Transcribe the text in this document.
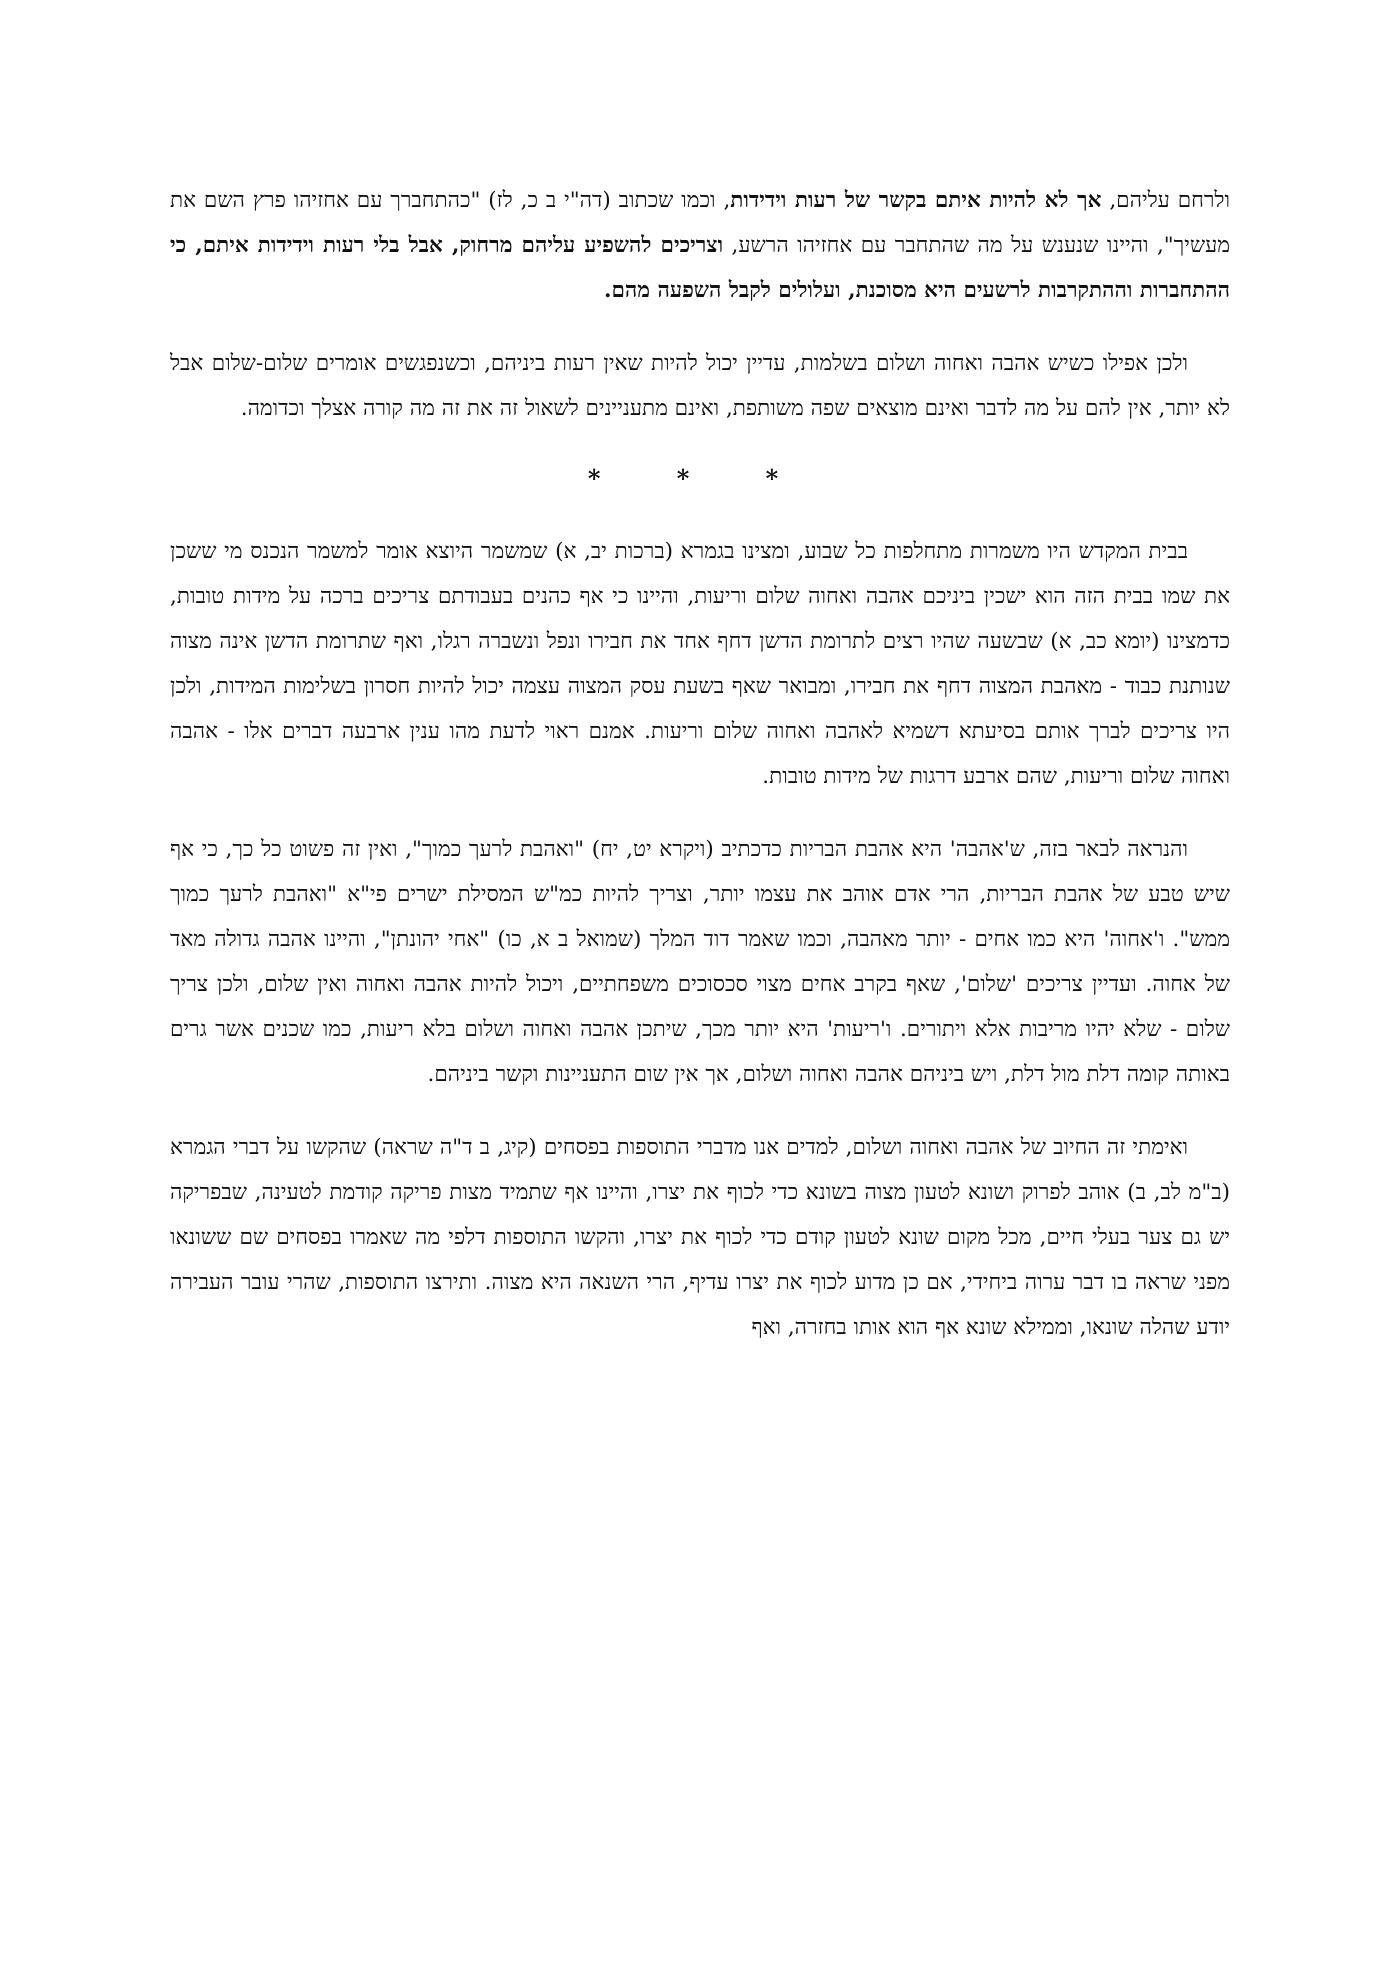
ולרחם עליהם, אך לא להיות איתם בקשר של רעות וידידות, וכמו שכתוב (דה"י ב כ, לז) "כהתחברך עם אחזיהו פרץ השם את מעשיך", והיינו שנענש על מה שהתחבר עם אחזיהו הרשע, וצריכים להשפיע עליהם מרחוק, אבל בלי רעות וידידות איתם, כי ההתחברות וההתקרבות לרשעים היא מסוכנת, ועלולים לקבל השפעה מהם.

ולכן אפילו כשיש אהבה ואחוה ושלום בשלמות, עדיין יכול להיות שאין רעות ביניהם, וכשנפגשים אומרים שלום-שלום אבל לא יותר, אין להם על מה לדבר ואינם מוצאים שפה משותפת, ואינם מתעניינים לשאול זה את זה מה קורה אצלך וכדומה.

* * *

בבית המקדש היו משמרות מתחלפות כל שבוע, ומצינו בגמרא (ברכות יב, א) שמשמר היוצא אומר למשמר הנכנס מי ששכן את שמו בבית הזה הוא ישכין ביניכם אהבה ואחוה שלום וריעות, והיינו כי אף כהנים בעבודתם צריכים ברכה על מידות טובות, כדמצינו (יומא כב, א) שבשעה שהיו רצים לתרומת הדשן דחף אחד את חבירו ונפל ונשברה רגלו, ואף שתרומת הדשן אינה מצוה שנותנת כבוד - מאהבת המצוה דחף את חבירו, ומבואר שאף בשעת עסק המצוה עצמה יכול להיות חסרון בשלימות המידות, ולכן היו צריכים לברך אותם בסיעתא דשמיא לאהבה ואחוה שלום וריעות. אמנם ראוי לדעת מהו ענין ארבעה דברים אלו - אהבה ואחוה שלום וריעות, שהם ארבע דרגות של מידות טובות.

והנראה לבאר בזה, ש'אהבה' היא אהבת הבריות כדכתיב (ויקרא יט, יח) "ואהבת לרעך כמוך", ואין זה פשוט כל כך, כי אף שיש טבע של אהבת הבריות, הרי אדם אוהב את עצמו יותר, וצריך להיות כמ"ש המסילת ישרים פי"א "ואהבת לרעך כמוך ממש". ו'אחוה' היא כמו אחים - יותר מאהבה, וכמו שאמר דוד המלך (שמואל ב א, כו) "אחי יהונתן", והיינו אהבה גדולה מאד של אחוה. ועדיין צריכים 'שלום', שאף בקרב אחים מצוי סכסוכים משפחתיים, ויכול להיות אהבה ואחוה ואין שלום, ולכן צריך שלום - שלא יהיו מריבות אלא ויתורים. ו'ריעות' היא יותר מכך, שיתכן אהבה ואחוה ושלום בלא ריעות, כמו שכנים אשר גרים באותה קומה דלת מול דלת, ויש ביניהם אהבה ואחוה ושלום, אך אין שום התעניינות וקשר ביניהם.

ואימתי זה החיוב של אהבה ואחוה ושלום, למדים אנו מדברי התוספות בפסחים (קיג, ב ד"ה שראה) שהקשו על דברי הגמרא (ב"מ לב, ב) אוהב לפרוק ושונא לטעון מצוה בשונא כדי לכוף את יצרו, והיינו אף שתמיד מצות פריקה קודמת לטעינה, שבפריקה יש גם צער בעלי חיים, מכל מקום שונא לטעון קודם כדי לכוף את יצרו, והקשו התוספות דלפי מה שאמרו בפסחים שם ששונאו מפני שראה בו דבר ערוה ביחידי, אם כן מדוע לכוף את יצרו עדיף, הרי השנאה היא מצוה. ותירצו התוספות, שהרי עובר העבירה יודע שהלה שונאו, וממילא שונא אף הוא אותו בחזרה, ואף
